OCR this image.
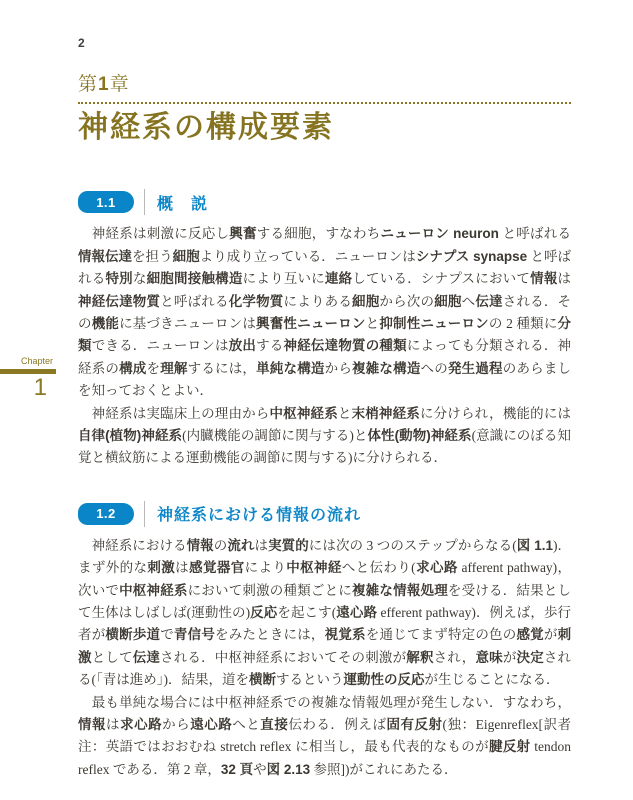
2
第1章
神経系の構成要素
1.1	概　説

　神経系は刺激に反応し興奮する細胞，すなわちニューロン neuron と呼ばれる情報伝達を担う細胞より成り立っている．ニューロンはシナプス synapse と呼ばれる特別な細胞間接触構造により互いに連絡している．シナプスにおいて情報は神経伝達物質と呼ばれる化学物質によりある細胞から次の細胞へ伝達される．その機能に基づきニューロンは興奮性ニューロンと抑制性ニューロンの 2 種類に分類できる．ニューロンは放出する神経伝達物質の種類によっても分類される．神経系の構成を理解するには，単純な構造から複雑な構造への発生過程のあらましを知っておくとよい．

　神経系は実臨床上の理由から中枢神経系と末梢神経系に分けられ，機能的には自律(植物)神経系(内臓機能の調節に関与する)と体性(動物)神経系(意識にのぼる知覚と横紋筋による運動機能の調節に関与する)に分けられる．

1.2	神経系における情報の流れ

　神経系における情報の流れは実質的には次の 3 つのステップからなる(図 1.1)．まず外的な刺激は感覚器官により中枢神経へと伝わり(求心路 afferent pathway)，次いで中枢神経系において刺激の種類ごとに複雑な情報処理を受ける．結果として生体はしばしば(運動性の)反応を起こす(遠心路 efferent pathway)．例えば，歩行者が横断歩道で青信号をみたときには，視覚系を通じてまず特定の色の感覚が刺激として伝達される．中枢神経系においてその刺激が解釈され，意味が決定される(「青は進め」)．結果，道を横断するという運動性の反応が生じることになる．

　最も単純な場合には中枢神経系での複雑な情報処理が発生しない．すなわち，情報は求心路から遠心路へと直接伝わる．例えば固有反射(独：Eigenreflex[訳者注：英語ではおおむね stretch reflex に相当し，最も代表的なものが腱反射 tendon reflex である．第 2 章，32 頁や図 2.13 参照])がこれにあたる．

Chapter
1
